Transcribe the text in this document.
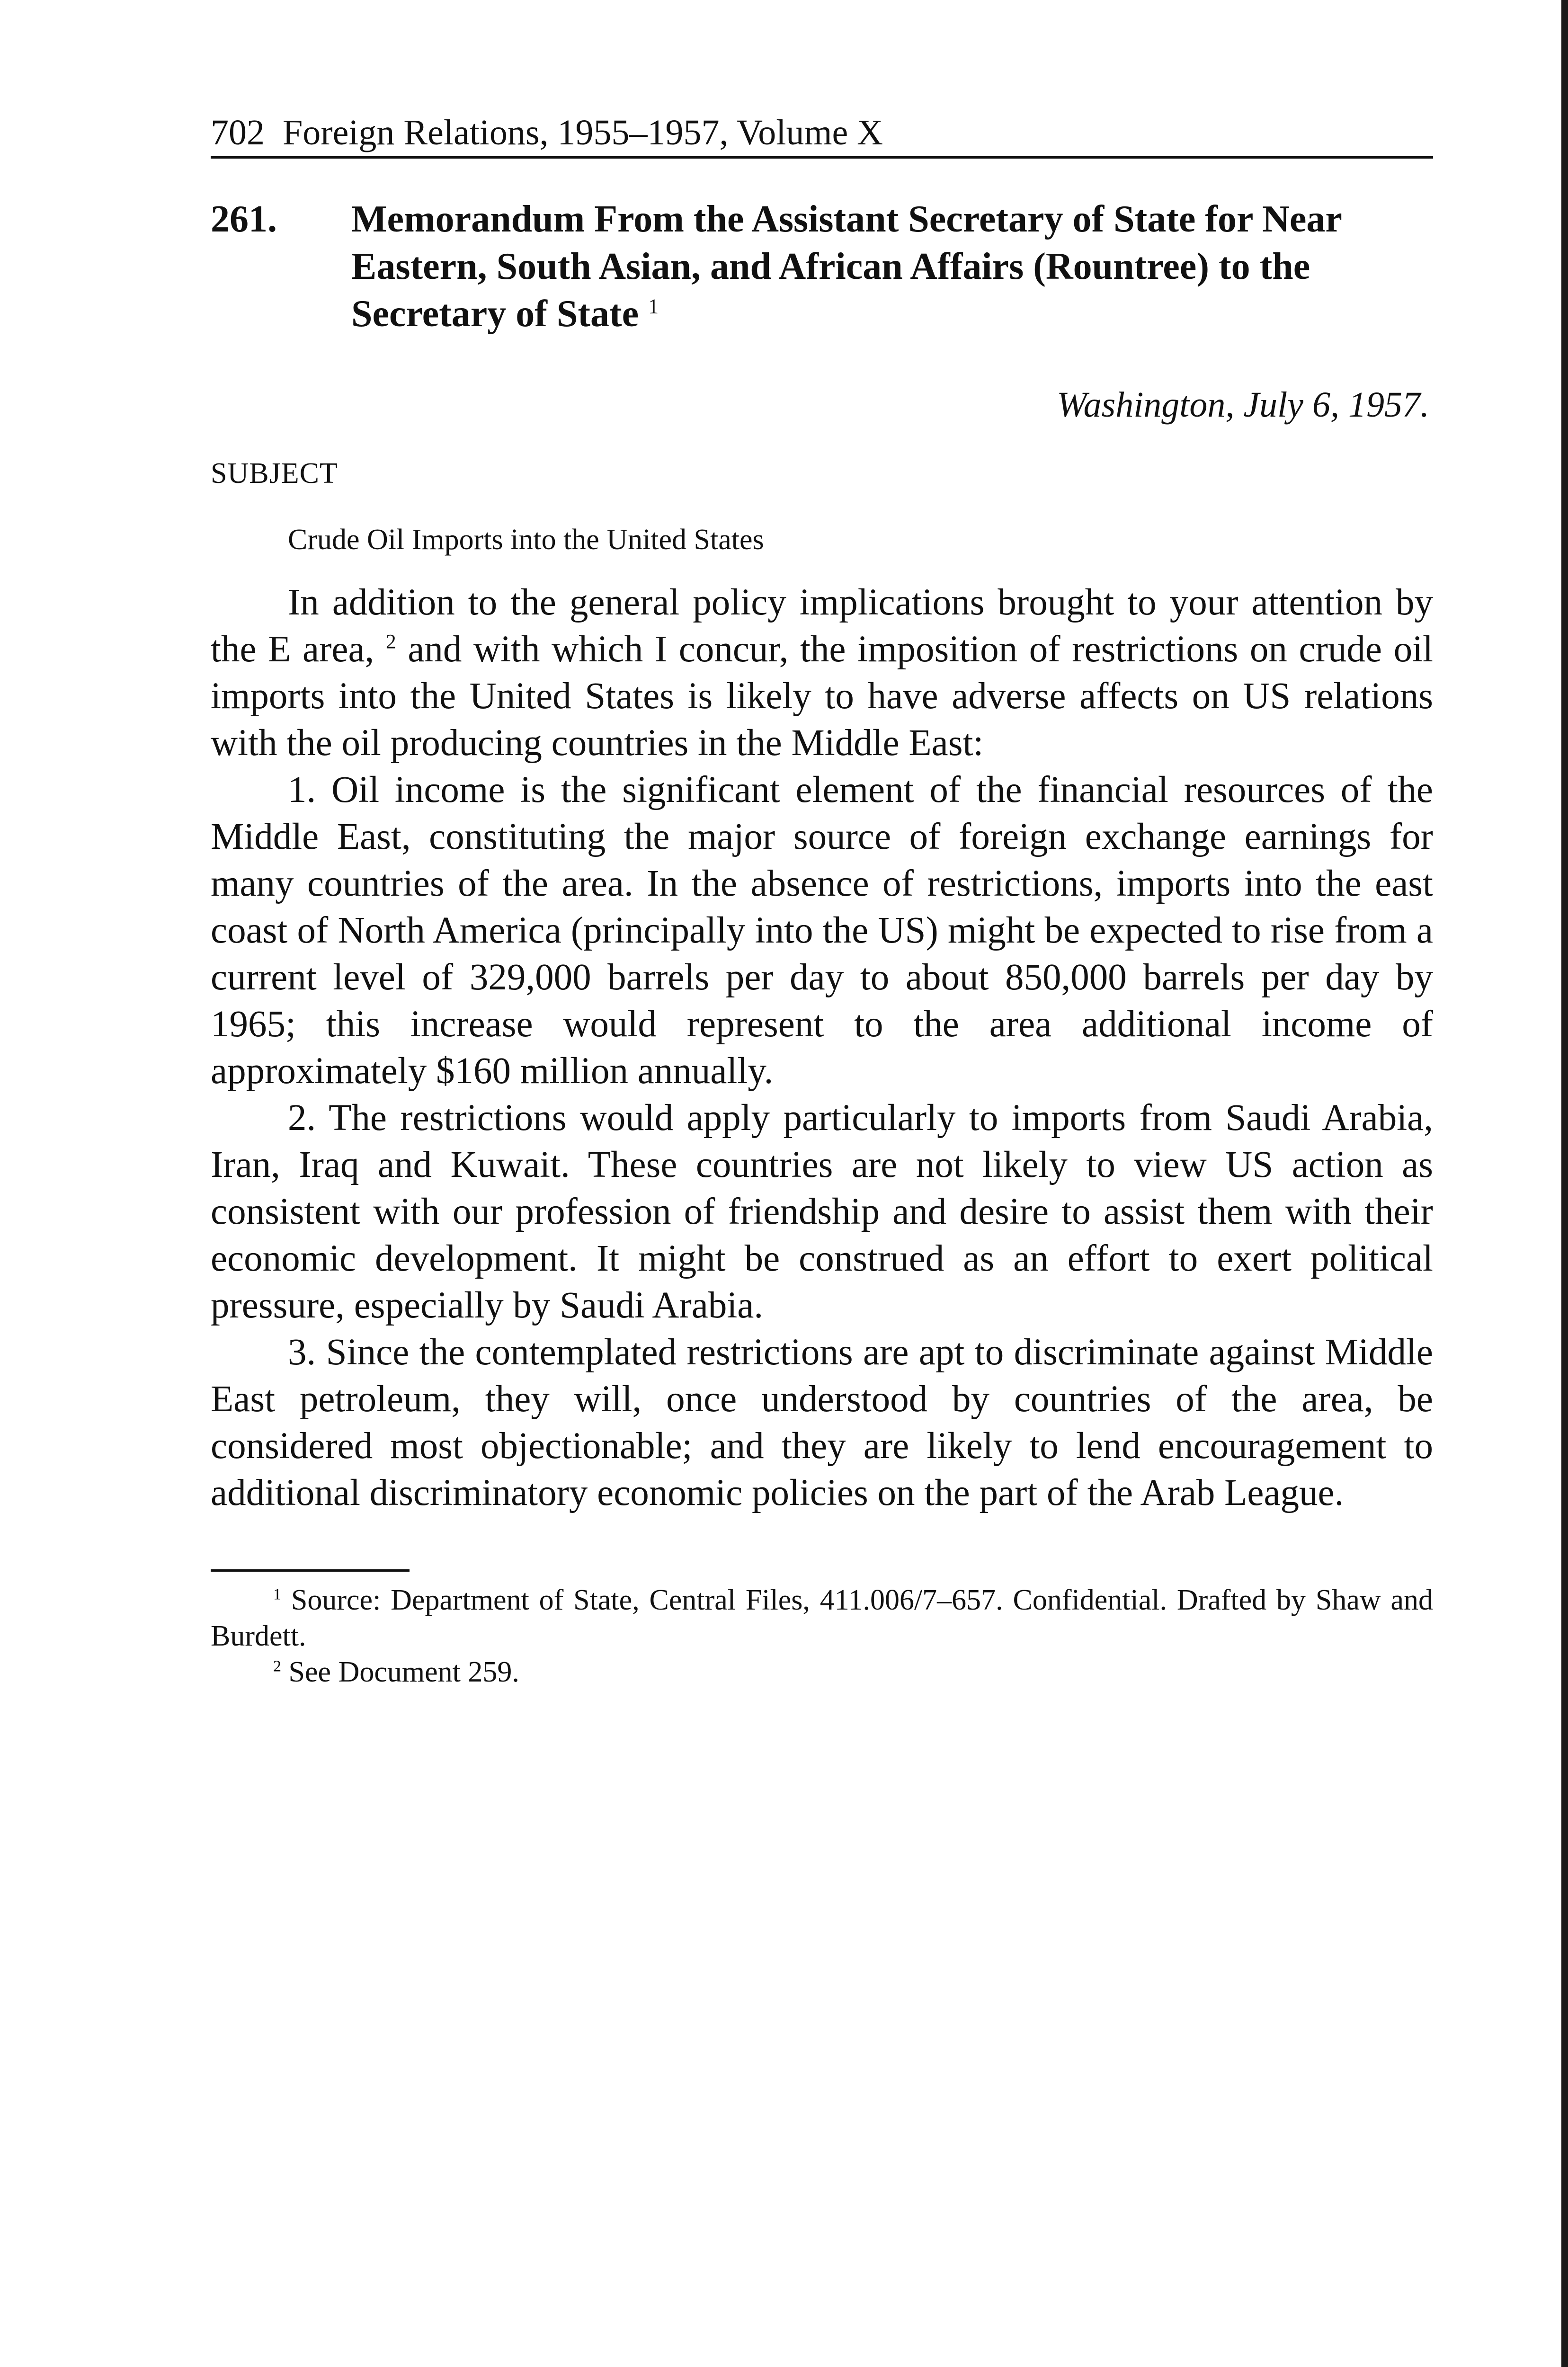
702 Foreign Relations, 1955–1957, Volume X
261. Memorandum From the Assistant Secretary of State for Near Eastern, South Asian, and African Affairs (Rountree) to the Secretary of State $^1$
Washington, July 6, 1957.
SUBJECT
Crude Oil Imports into the United States

In addition to the general policy implications brought to your attention by the E area, $^2$ and with which I concur, the imposition of restrictions on crude oil imports into the United States is likely to have adverse affects on US relations with the oil producing countries in the Middle East:

1. Oil income is the significant element of the financial resources of the Middle East, constituting the major source of foreign exchange earnings for many countries of the area. In the absence of restrictions, imports into the east coast of North America (principally into the US) might be expected to rise from a current level of 329,000 barrels per day to about 850,000 barrels per day by 1965; this increase would represent to the area additional income of approximately $160 million annually.

2. The restrictions would apply particularly to imports from Saudi Arabia, Iran, Iraq and Kuwait. These countries are not likely to view US action as consistent with our profession of friendship and desire to assist them with their economic development. It might be construed as an effort to exert political pressure, especially by Saudi Arabia.

3. Since the contemplated restrictions are apt to discriminate against Middle East petroleum, they will, once understood by countries of the area, be considered most objectionable; and they are likely to lend encouragement to additional discriminatory economic policies on the part of the Arab League.

$^1$ Source: Department of State, Central Files, 411.006/7–657. Confidential. Drafted by Shaw and Burdett.

$^2$ See Document 259.
